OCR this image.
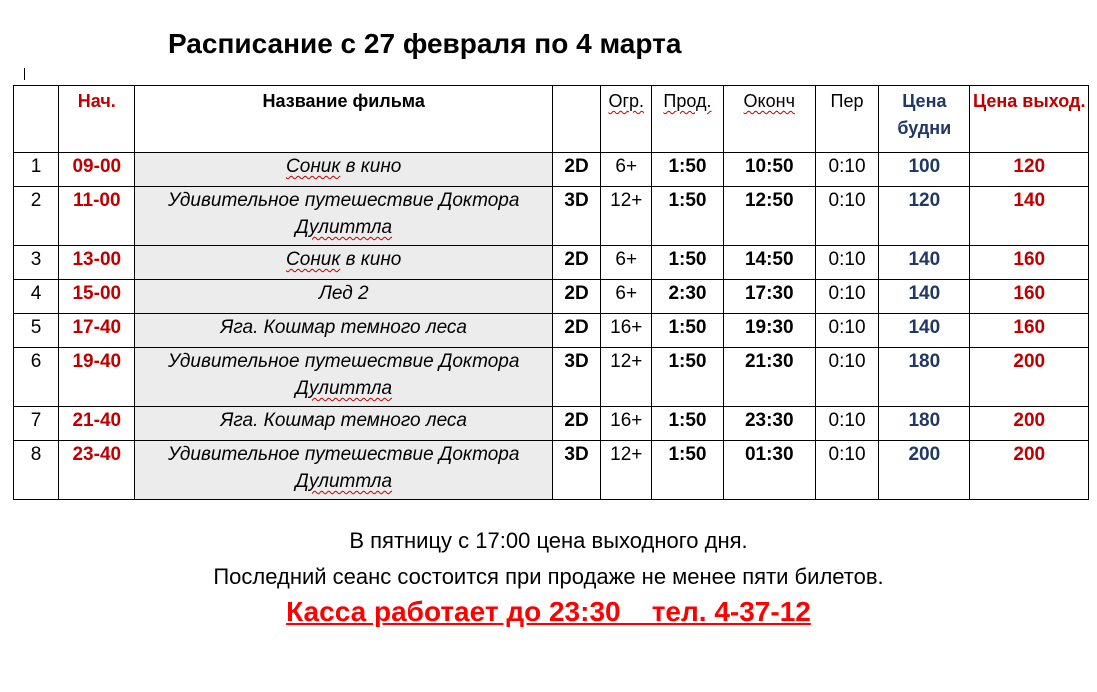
Расписание с 27 февраля по 4 марта
	Нач.	Название фильма		Огр.	Прод.	Оконч	Пер	Цена будни	Цена выход.
1	09-00	Соник в кино	2D	6+	1:50	10:50	0:10	100	120
2	11-00	Удивительное путешествие Доктора Дулиттла	3D	12+	1:50	12:50	0:10	120	140
3	13-00	Соник в кино	2D	6+	1:50	14:50	0:10	140	160
4	15-00	Лед 2	2D	6+	2:30	17:30	0:10	140	160
5	17-40	Яга. Кошмар темного леса	2D	16+	1:50	19:30	0:10	140	160
6	19-40	Удивительное путешествие Доктора Дулиттла	3D	12+	1:50	21:30	0:10	180	200
7	21-40	Яга. Кошмар темного леса	2D	16+	1:50	23:30	0:10	180	200
8	23-40	Удивительное путешествие Доктора Дулиттла	3D	12+	1:50	01:30	0:10	200	200
В пятницу с 17:00 цена выходного дня.
Последний сеанс состоится при продаже не менее пяти билетов.
Касса работает до 23:30    тел. 4-37-12
